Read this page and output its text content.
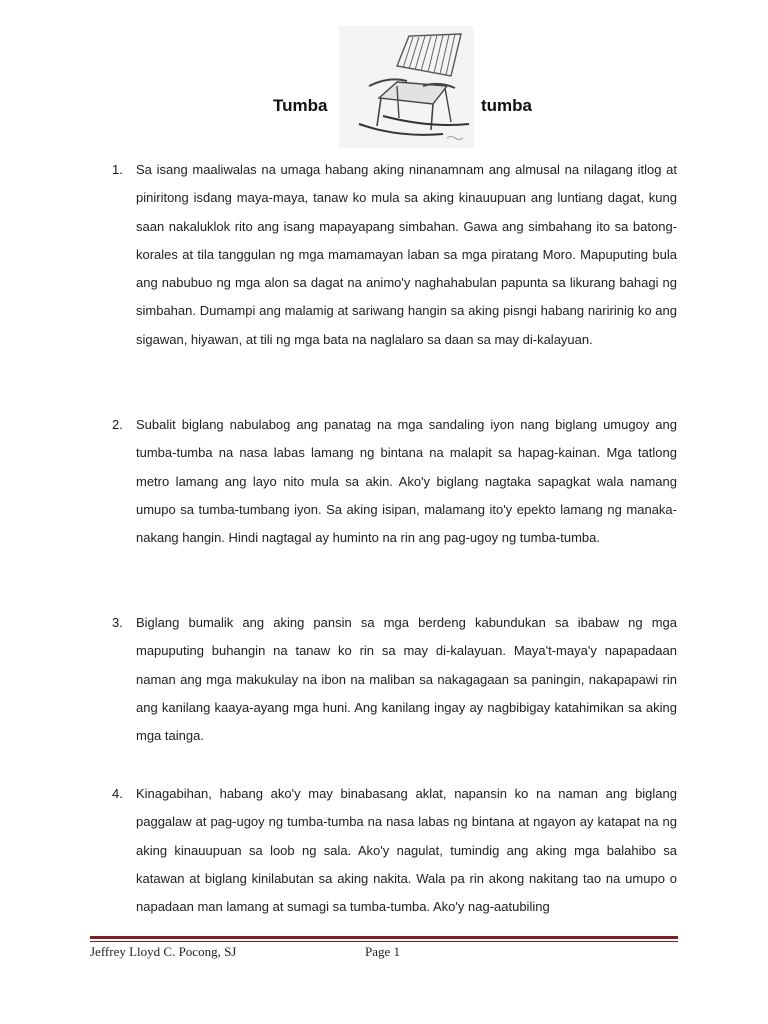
Tumba	tumba
1. Sa isang maaliwalas na umaga habang aking ninanamnam ang almusal na nilagang itlog at piniritong isdang maya-maya, tanaw ko mula sa aking kinauupuan ang luntiang dagat, kung saan nakaluklok rito ang isang mapayapang simbahan. Gawa ang simbahang ito sa batong-korales at tila tanggulan ng mga mamamayan laban sa mga piratang Moro. Mapuputing bula ang nabubuo ng mga alon sa dagat na animo'y naghahabulan papunta sa likurang bahagi ng simbahan. Dumampi ang malamig at sariwang hangin sa aking pisngi habang naririnig ko ang sigawan, hiyawan, at tili ng mga bata na naglalaro sa daan sa may di-kalayuan.

2. Subalit biglang nabulabog ang panatag na mga sandaling iyon nang biglang umugoy ang tumba-tumba na nasa labas lamang ng bintana na malapit sa hapag-kainan. Mga tatlong metro lamang ang layo nito mula sa akin. Ako'y biglang nagtaka sapagkat wala namang umupo sa tumba-tumbang iyon. Sa aking isipan, malamang ito'y epekto lamang ng manaka-nakang hangin. Hindi nagtagal ay huminto na rin ang pag-ugoy ng tumba-tumba.

3. Biglang bumalik ang aking pansin sa mga berdeng kabundukan sa ibabaw ng mga mapuputing buhangin na tanaw ko rin sa may di-kalayuan. Maya't-maya'y napapadaan naman ang mga makukulay na ibon na maliban sa nakagagaan sa paningin, nakapapawi rin ang kanilang kaaya-ayang mga huni. Ang kanilang ingay ay nagbibigay katahimikan sa aking mga tainga.

4. Kinagabihan, habang ako'y may binabasang aklat, napansin ko na naman ang biglang paggalaw at pag-ugoy ng tumba-tumba na nasa labas ng bintana at ngayon ay katapat na ng aking kinauupuan sa loob ng sala. Ako'y nagulat, tumindig ang aking mga balahibo sa katawan at biglang kinilabutan sa aking nakita. Wala pa rin akong nakitang tao na umupo o napadaan man lamang at sumagi sa tumba-tumba. Ako'y nag-aatubiling

Jeffrey Lloyd C. Pocong, SJ	Page 1
